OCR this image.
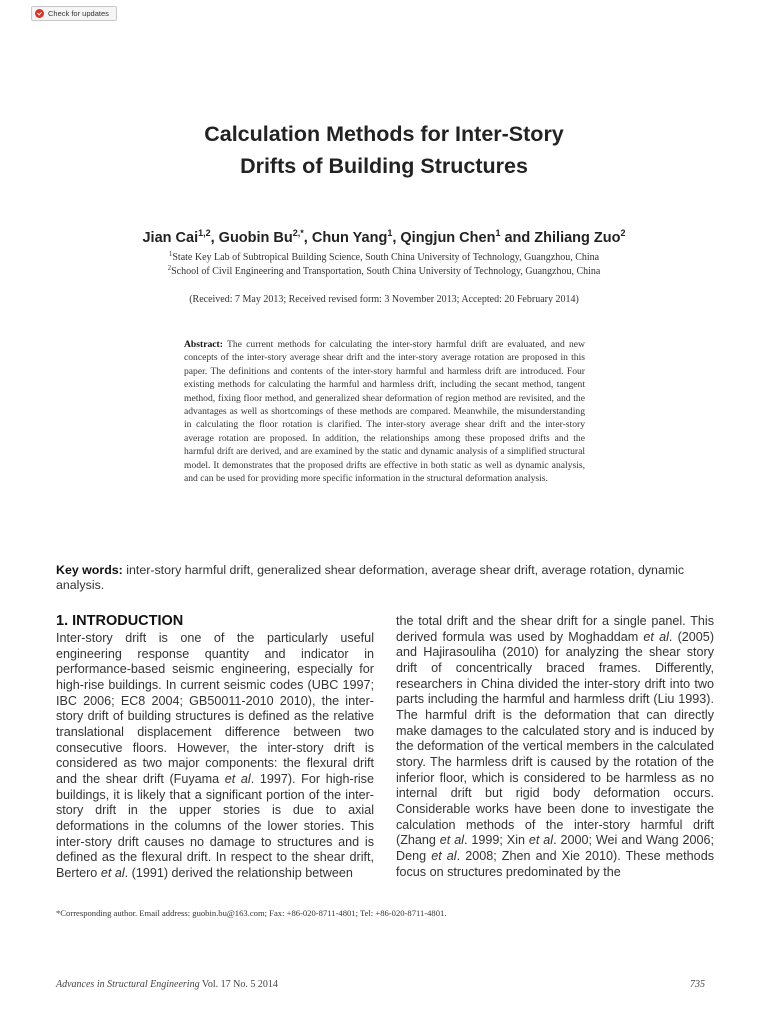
Check for updates
Calculation Methods for Inter-Story
Drifts of Building Structures
Jian Cai$^{1,2}$, Guobin $Bu^{2,*}$, Chun Yang$^1$, Qingjun Chen$^1$ and Zhiliang Zuo$^2$
$^1$State Key Lab of Subtropical Building Science, South China University of Technology, Guangzhou, China
$^2$School of Civil Engineering and Transportation, South China University of Technology, Guangzhou, China
(Received: 7 May 2013; Received revised form: 3 November 2013; Accepted: 20 February 2014)
Abstract: The current methods for calculating the inter-story harmful drift are evaluated, and new concepts of the inter-story average shear drift and the inter-story average rotation are proposed in this paper. The definitions and contents of the inter-story harmful and harmless drift are introduced. Four existing methods for calculating the harmful and harmless drift, including the secant method, tangent method, fixing floor method, and generalized shear deformation of region method are revisited, and the advantages as well as shortcomings of these methods are compared. Meanwhile, the misunderstanding in calculating the floor rotation is clarified. The inter-story average shear drift and the inter-story average rotation are proposed. In addition, the relationships among these proposed drifts and the harmful drift are derived, and are examined by the static and dynamic analysis of a simplified structural model. It demonstrates that the proposed drifts are effective in both static as well as dynamic analysis, and can be used for providing more specific information in the structural deformation analysis.
Key words: inter-story harmful drift, generalized shear deformation, average shear drift, average rotation, dynamic analysis.
1. INTRODUCTION
Inter-story drift is one of the particularly useful engineering response quantity and indicator in performance-based seismic engineering, especially for high-rise buildings. In current seismic codes (UBC 1997; IBC 2006; EC8 2004; GB50011-2010 2010), the inter-story drift of building structures is defined as the relative translational displacement difference between two consecutive floors. However, the inter-story drift is considered as two major components: the flexural drift and the shear drift (Fuyama et al. 1997). For high-rise buildings, it is likely that a significant portion of the inter-story drift in the upper stories is due to axial deformations in the columns of the lower stories. This inter-story drift causes no damage to structures and is defined as the flexural drift. In respect to the shear drift, Bertero et al. (1991) derived the relationship between
the total drift and the shear drift for a single panel. This derived formula was used by Moghaddam et al. (2005) and Hajirasouliha (2010) for analyzing the shear story drift of concentrically braced frames. Differently, researchers in China divided the inter-story drift into two parts including the harmful and harmless drift (Liu 1993). The harmful drift is the deformation that can directly make damages to the calculated story and is induced by the deformation of the vertical members in the calculated story. The harmless drift is caused by the rotation of the inferior floor, which is considered to be harmless as no internal drift but rigid body deformation occurs. Considerable works have been done to investigate the calculation methods of the inter-story harmful drift (Zhang et al. 1999; Xin et al. 2000; Wei and Wang 2006; Deng et al. 2008; Zhen and Xie 2010). These methods focus on structures predominated by the
*Corresponding author. Email address: guobin.bu@163.com; Fax: +86-020-8711-4801; Tel: +86-020-8711-4801.
Advances in Structural Engineering Vol. 17 No. 5 2014	735
